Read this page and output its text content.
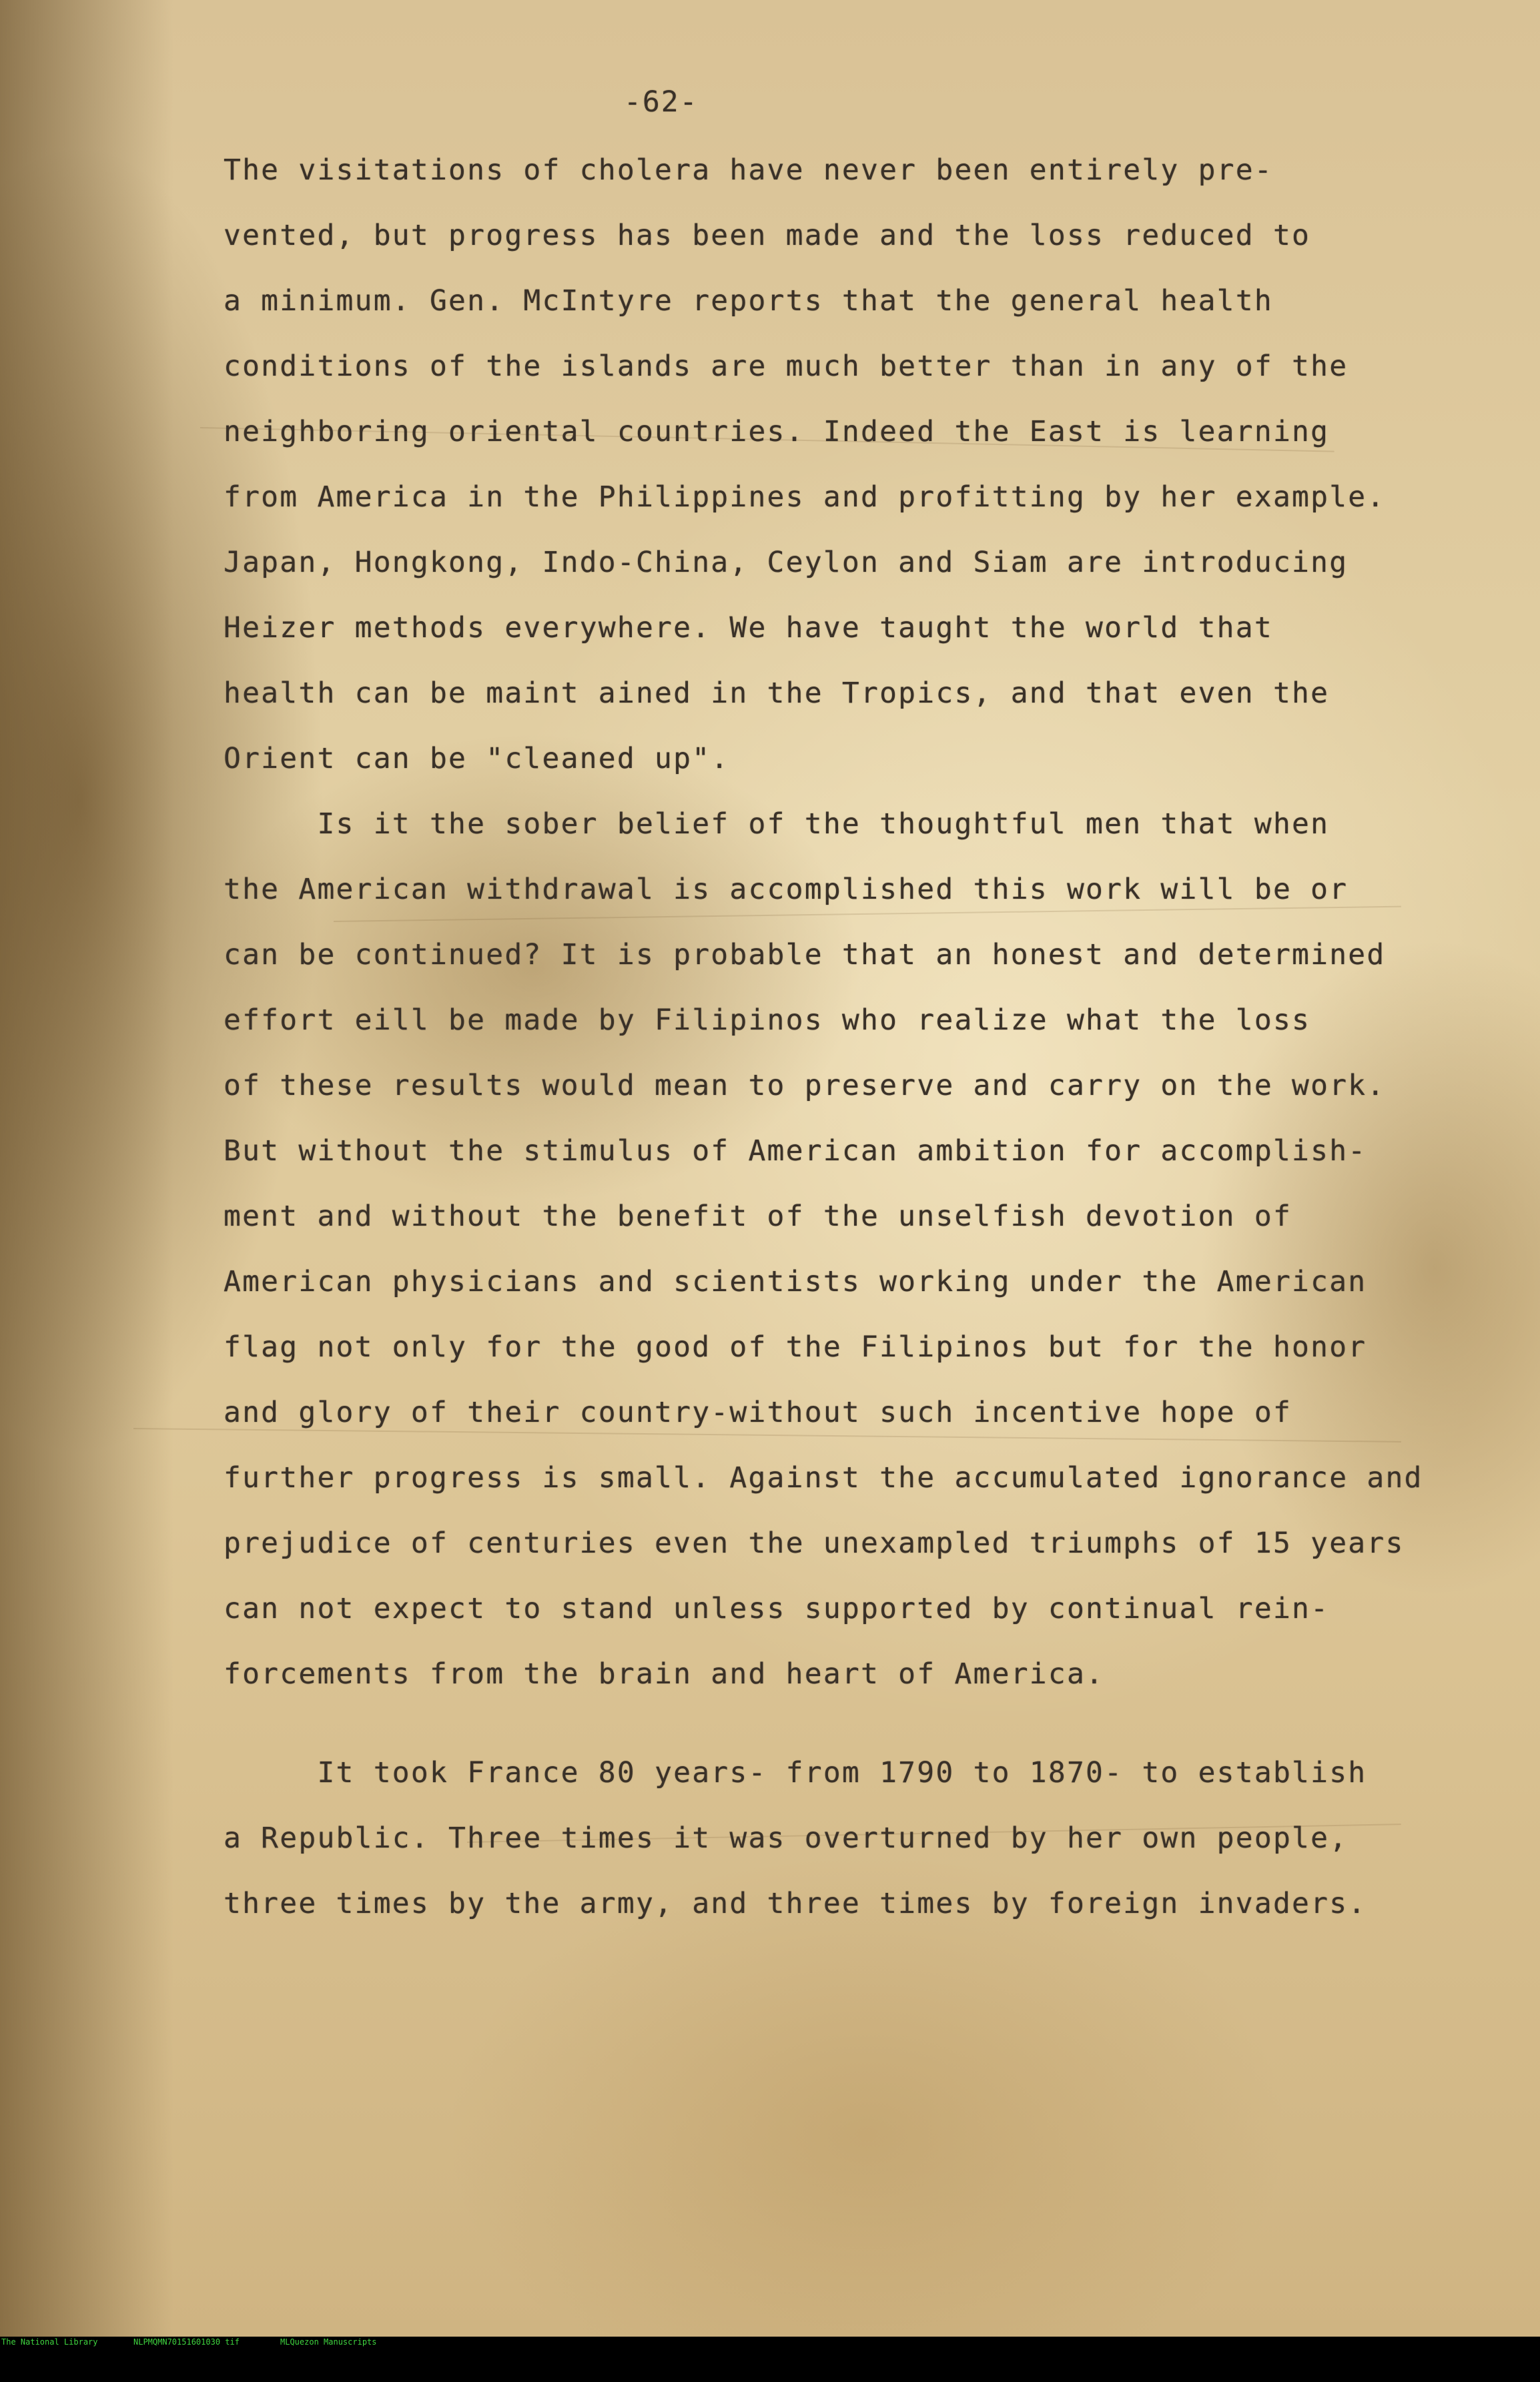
-62-

The visitations of cholera have never been entirely pre-

vented, but progress has been made and the loss reduced to

a minimum. Gen. McIntyre reports that the general health

conditions of the islands are much better than in any of the

neighboring oriental countries. Indeed the East is learning

from America in the Philippines and profitting by her example.

Japan, Hongkong, Indo-China, Ceylon and Siam are introducing

Heizer methods everywhere. We have taught the world that

health can be maint ained in the Tropics, and that even the

Orient can be "cleaned up".

Is it the sober belief of the thoughtful men that when

the American withdrawal is accomplished this work will be or

can be continued? It is probable that an honest and determined

effort eill be made by Filipinos who realize what the loss

of these results would mean to preserve and carry on the work.

But without the stimulus of American ambition for accomplish-

ment and without the benefit of the unselfish devotion of

American physicians and scientists working under the American

flag not only for the good of the Filipinos but for the honor

and glory of their country-without such incentive hope of

further progress is small. Against the accumulated ignorance and

prejudice of centuries even the unexampled triumphs of 15 years

can not expect to stand unless supported by continual rein-

forcements from the brain and heart of America.

It took France 80 years- from 1790 to 1870- to establish

a Republic. Three times it was overturned by her own people,

three times by the army, and three times by foreign invaders.

The National Library

	NLPMQMN70151601030 tif

	MLQuezon Manuscripts
